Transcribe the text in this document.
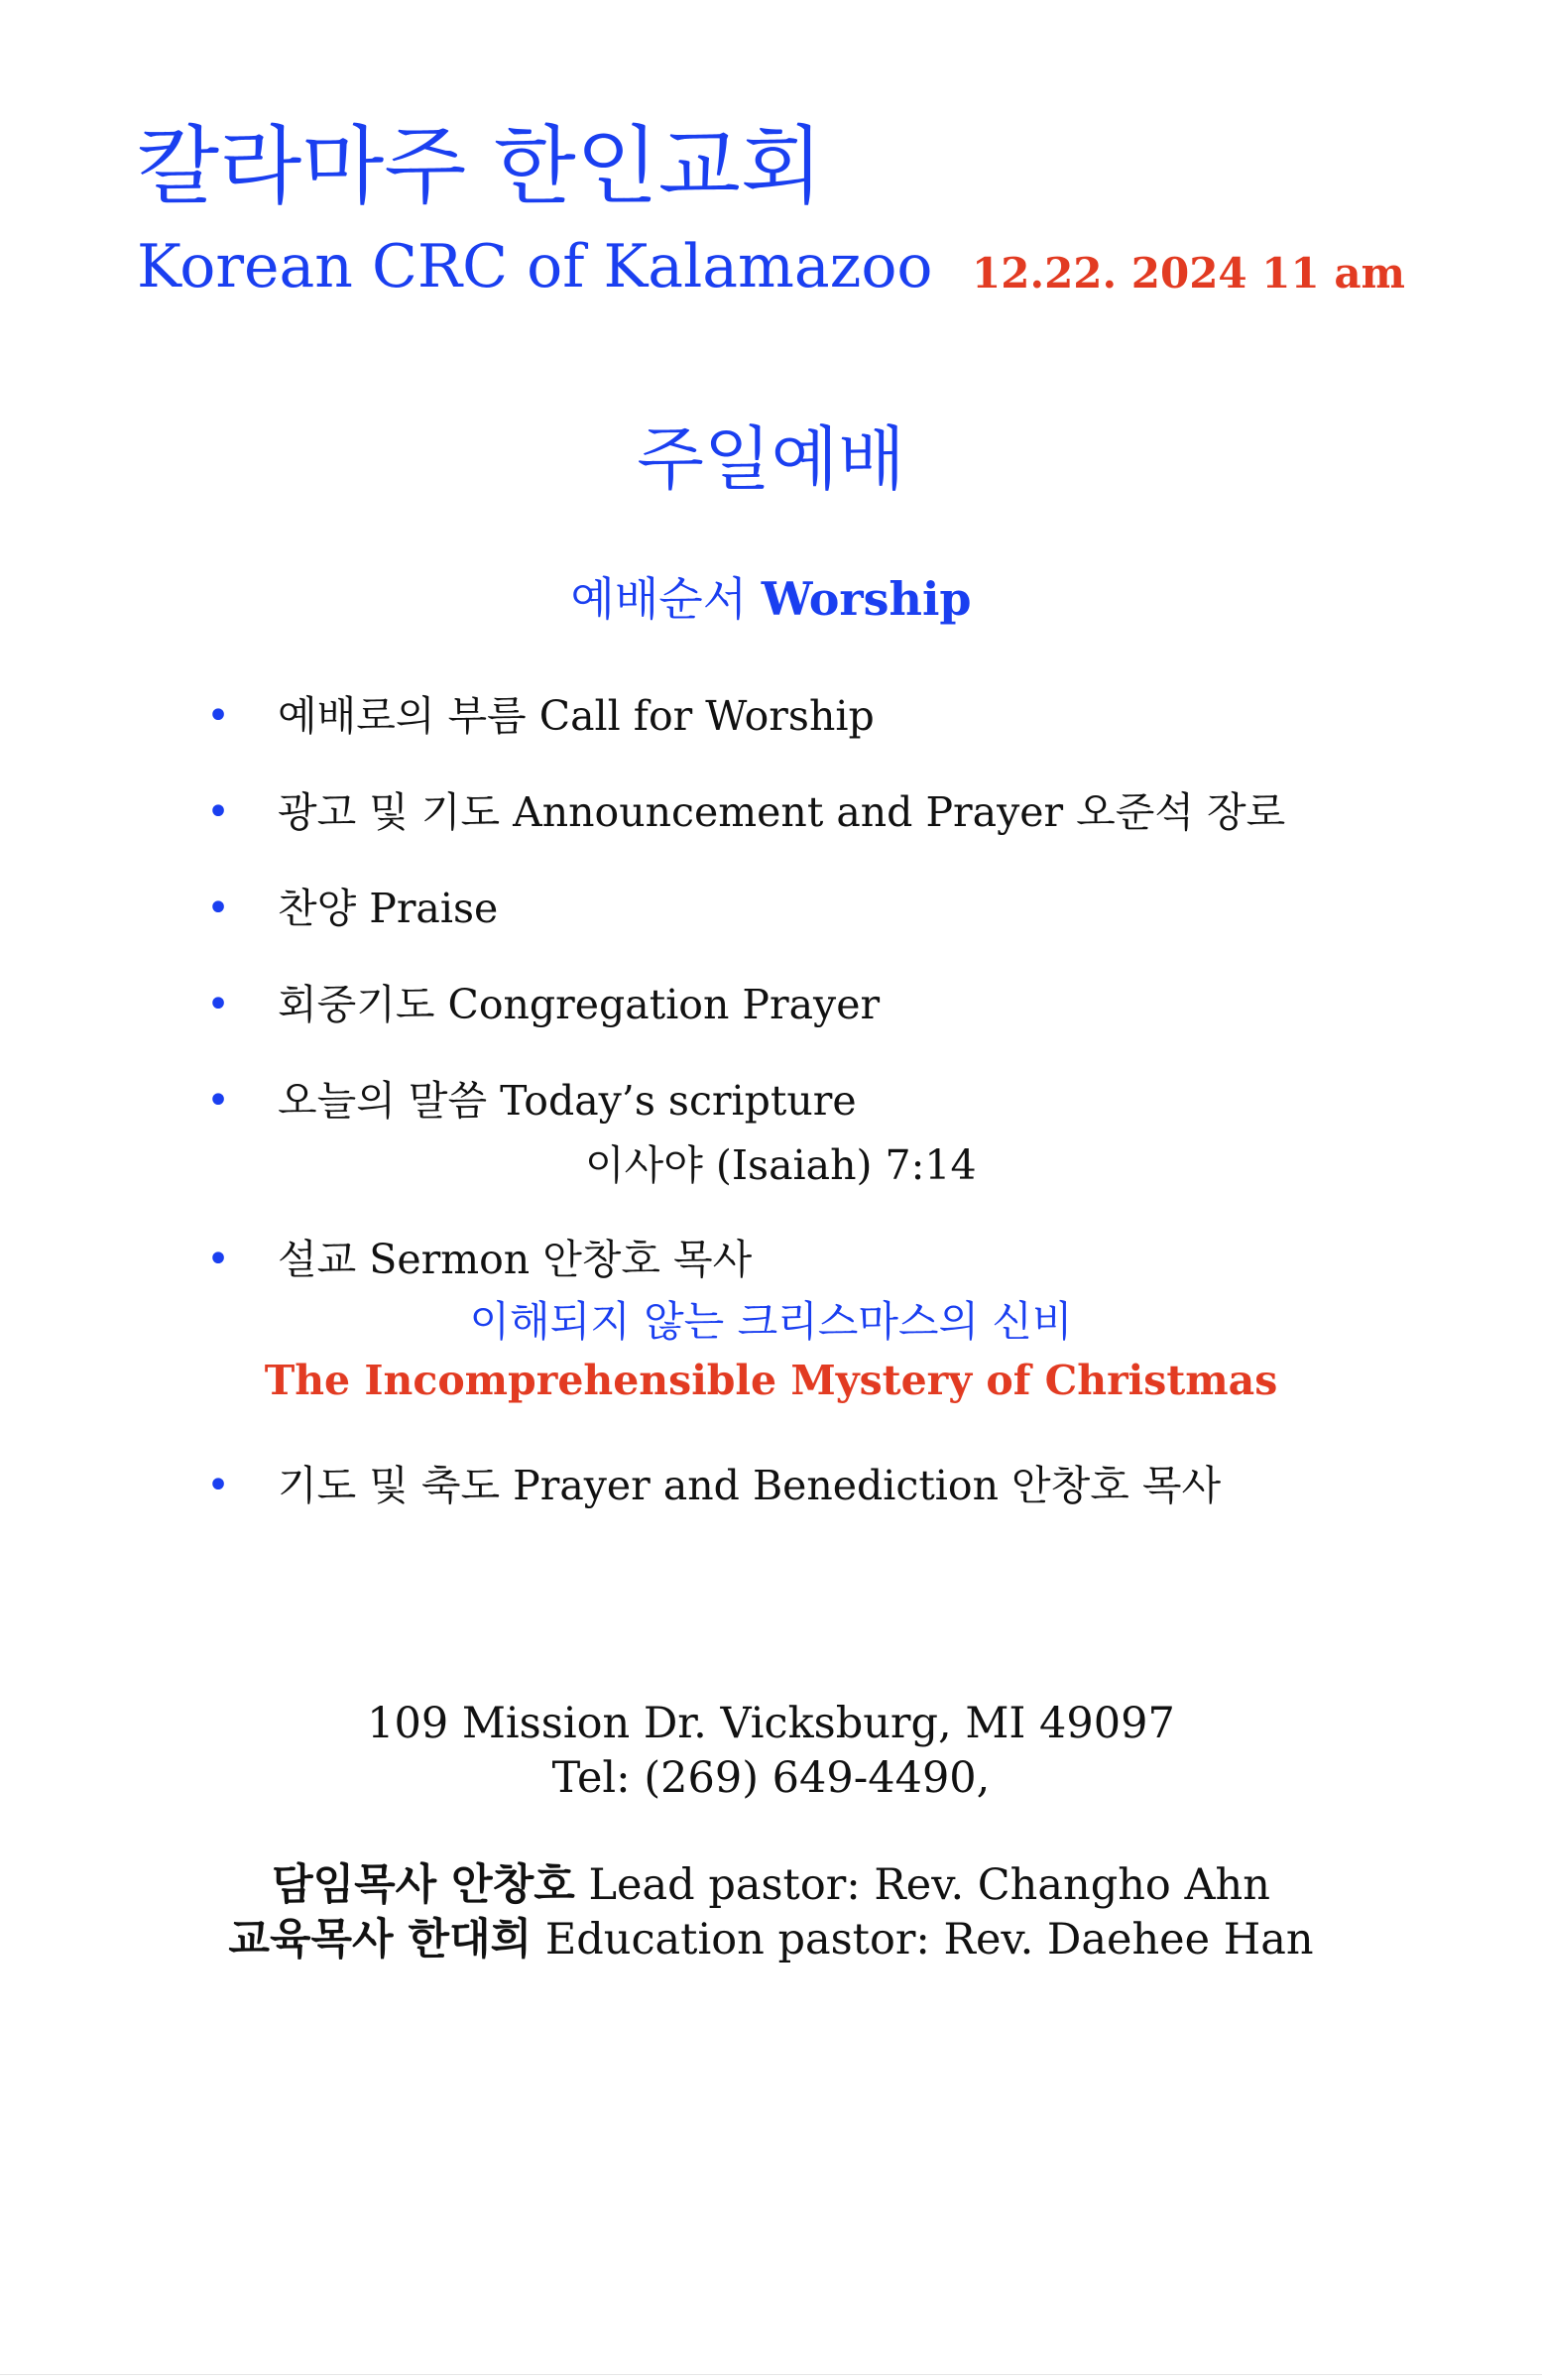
칼라마주 한인교회
Korean CRC of Kalamazoo 12.22. 2024 11 am
주일예배
예배순서 Worship
• 예배로의 부름 Call for Worship
• 광고 및 기도 Announcement and Prayer 오준석 장로
• 찬양 Praise
• 회중기도 Congregation Prayer
• 오늘의 말씀 Today’s scripture
• 설교 Sermon 안창호 목사
• 기도 및 축도 Prayer and Benediction 안창호 목사
이사야 (Isaiah) 7:14
이해되지 않는 크리스마스의 신비
The Incomprehensible Mystery of Christmas
109 Mission Dr. Vicksburg, MI 49097
Tel: (269) 649-4490,
담임목사 안창호 Lead pastor: Rev. Changho Ahn
교육목사 한대희 Education pastor: Rev. Daehee Han
